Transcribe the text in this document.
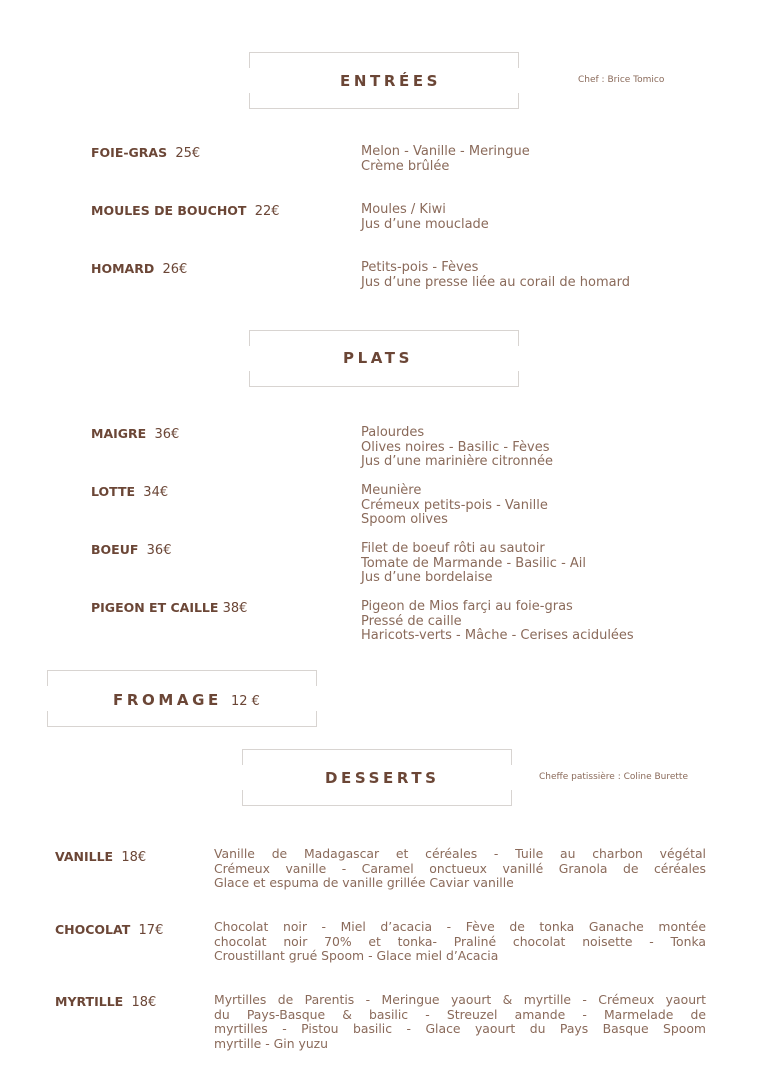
ENTRÉES	Chef : Brice Tomico
FOIE-GRAS 25€	Melon - Vanille - Meringue
Crème brûlée
MOULES DE BOUCHOT 22€	Moules / Kiwi
Jus d’une mouclade
HOMARD 26€	Petits-pois - Fèves
Jus d’une presse liée au corail de homard
PLATS
MAIGRE 36€	Palourdes
Olives noires - Basilic - Fèves
Jus d’une marinière citronnée
LOTTE 34€	Meunière
Crémeux petits-pois - Vanille
Spoom olives
BOEUF 36€	Filet de boeuf rôti au sautoir
Tomate de Marmande - Basilic - Ail
Jus d’une bordelaise
PIGEON ET CAILLE 38€	Pigeon de Mios farçi au foie-gras
Pressé de caille
Haricots-verts - Mâche - Cerises acidulées
FROMAGE 12 €
DESSERTS	Cheffe patissière : Coline Burette
VANILLE 18€	Vanille de Madagascar et céréales - Tuile au charbon végétal
Crémeux vanille - Caramel onctueux vanillé Granola de céréales
Glace et espuma de vanille grillée Caviar vanille
CHOCOLAT 17€	Chocolat noir - Miel d’acacia - Fève de tonka Ganache montée
chocolat noir 70% et tonka- Praliné chocolat noisette - Tonka
Croustillant grué Spoom - Glace miel d’Acacia
MYRTILLE 18€	Myrtilles de Parentis - Meringue yaourt & myrtille - Crémeux yaourt
du Pays-Basque & basilic - Streuzel amande - Marmelade de
myrtilles - Pistou basilic - Glace yaourt du Pays Basque Spoom
myrtille - Gin yuzu
